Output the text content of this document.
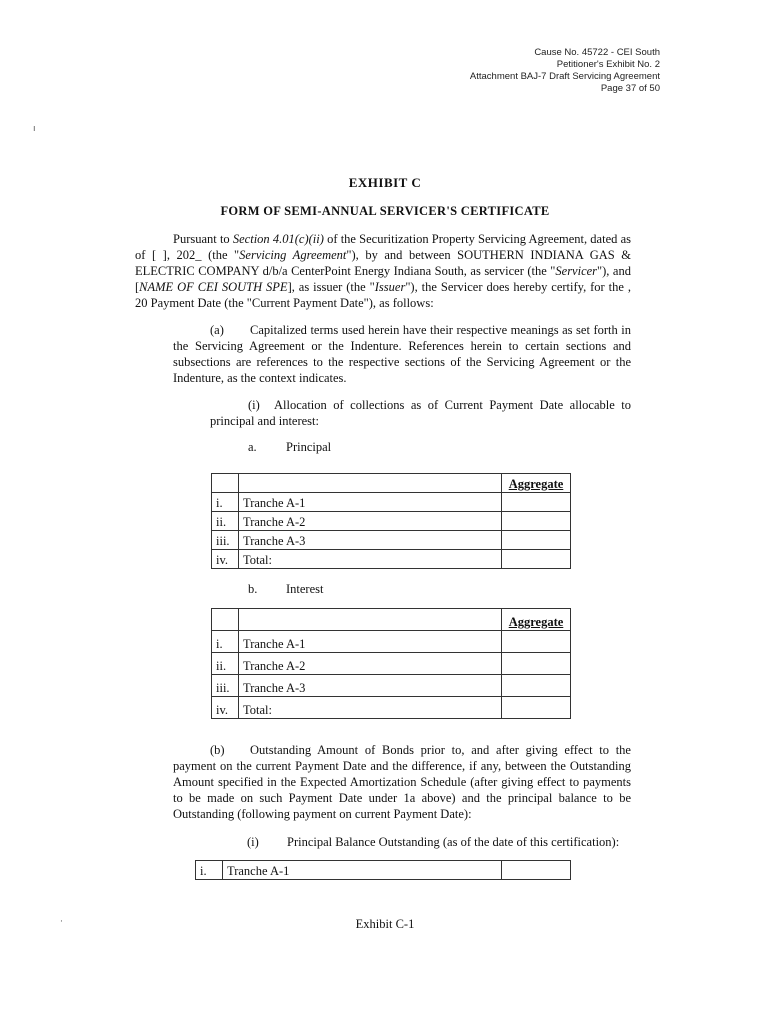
ı
·
Cause No. 45722 - CEI South
Petitioner's Exhibit No. 2
Attachment BAJ-7 Draft Servicing Agreement
Page 37 of 50
EXHIBIT C
FORM OF SEMI-ANNUAL SERVICER'S CERTIFICATE
Pursuant to Section 4.01(c)(ii) of the Securitization Property Servicing Agreement, dated as of [ ], 202_ (the "Servicing Agreement"), by and between SOUTHERN INDIANA GAS & ELECTRIC COMPANY d/b/a CenterPoint Energy Indiana South, as servicer (the "Servicer"), and [NAME OF CEI SOUTH SPE], as issuer (the "Issuer"), the Servicer does hereby certify, for the , 20 Payment Date (the "Current Payment Date"), as follows:
(a) Capitalized terms used herein have their respective meanings as set forth in the Servicing Agreement or the Indenture. References herein to certain sections and subsections are references to the respective sections of the Servicing Agreement or the Indenture, as the context indicates.
(i) Allocation of collections as of Current Payment Date allocable to principal and interest:
a. Principal
		Aggregate
i.	Tranche A-1	
ii.	Tranche A-2	
iii.	Tranche A-3	
iv.	Total:	
b. Interest
		Aggregate
i.	Tranche A-1	
ii.	Tranche A-2	
iii.	Tranche A-3	
iv.	Total:	
(b) Outstanding Amount of Bonds prior to, and after giving effect to the payment on the current Payment Date and the difference, if any, between the Outstanding Amount specified in the Expected Amortization Schedule (after giving effect to payments to be made on such Payment Date under 1a above) and the principal balance to be Outstanding (following payment on current Payment Date):
(i) Principal Balance Outstanding (as of the date of this certification):
i.	Tranche A-1	
Exhibit C-1
